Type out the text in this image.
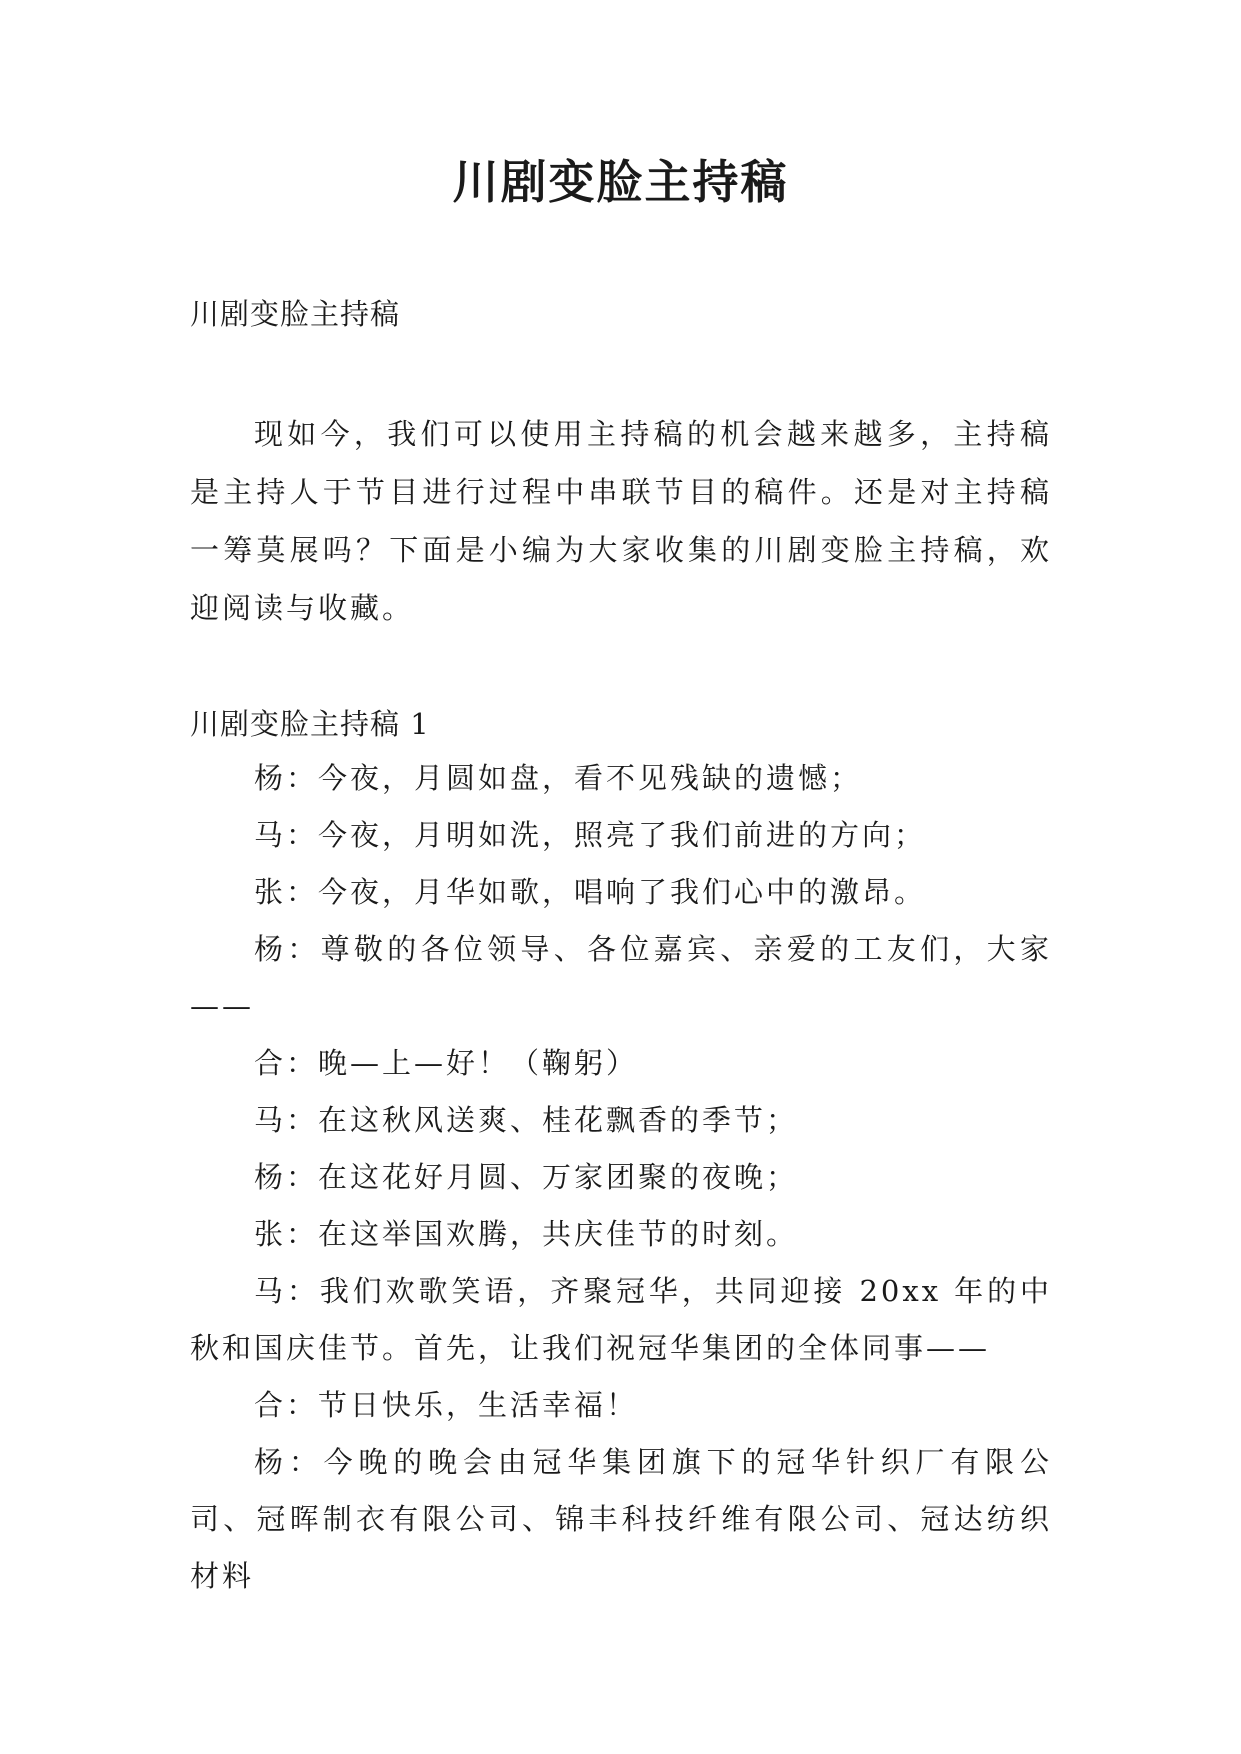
川剧变脸主持稿
川剧变脸主持稿
现如今，我们可以使用主持稿的机会越来越多，主持稿是主持人于节目进行过程中串联节目的稿件。还是对主持稿一筹莫展吗？下面是小编为大家收集的川剧变脸主持稿，欢迎阅读与收藏。
川剧变脸主持稿 1

杨：今夜，月圆如盘，看不见残缺的遗憾；

马：今夜，月明如洗，照亮了我们前进的方向；

张：今夜，月华如歌，唱响了我们心中的激昂。

杨：尊敬的各位领导、各位嘉宾、亲爱的工友们，大家——

合：晚—上—好！（鞠躬）

马：在这秋风送爽、桂花飘香的季节；

杨：在这花好月圆、万家团聚的夜晚；

张：在这举国欢腾，共庆佳节的时刻。

马：我们欢歌笑语，齐聚冠华，共同迎接 20xx 年的中秋和国庆佳节。首先，让我们祝冠华集团的全体同事——

合：节日快乐，生活幸福！

杨：今晚的晚会由冠华集团旗下的冠华针织厂有限公司、冠晖制衣有限公司、锦丰科技纤维有限公司、冠达纺织材料
